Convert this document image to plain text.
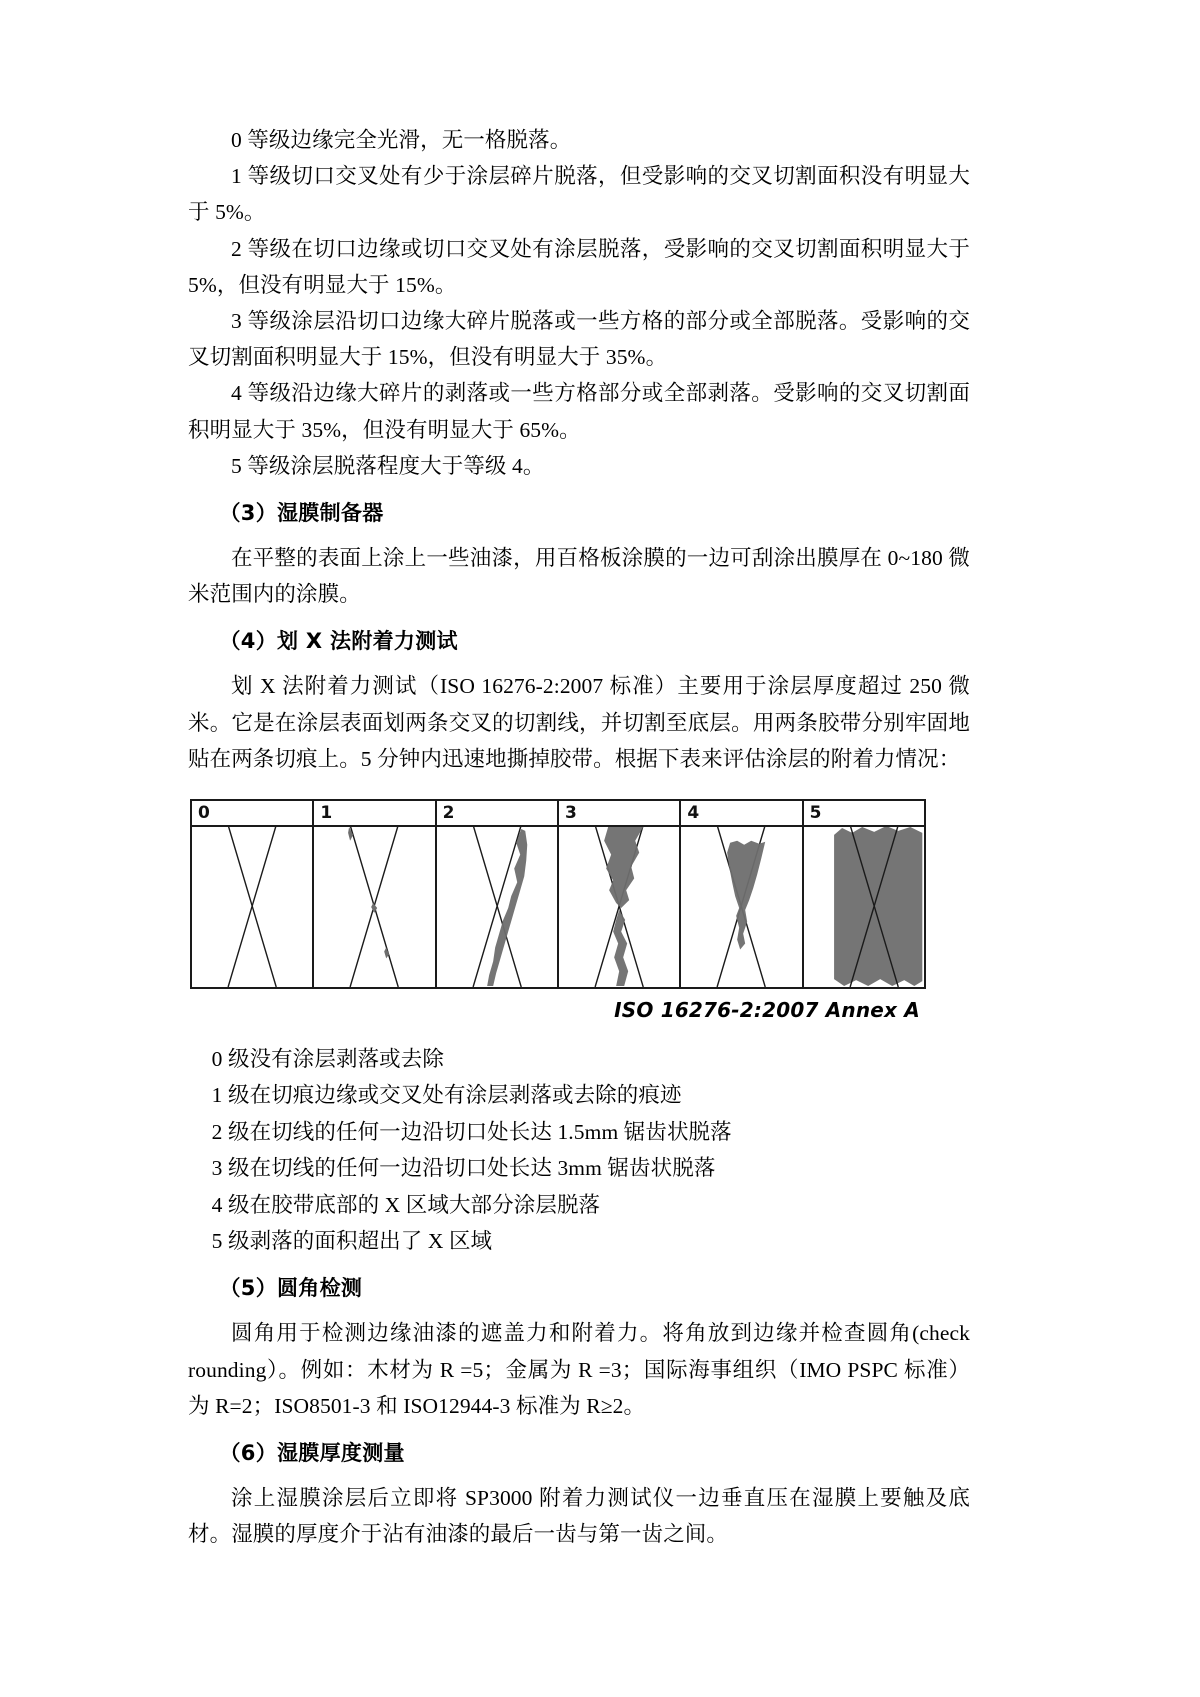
0 等级边缘完全光滑，无一格脱落。

1 等级切口交叉处有少于涂层碎片脱落，但受影响的交叉切割面积没有明显大于 5%。

2 等级在切口边缘或切口交叉处有涂层脱落，受影响的交叉切割面积明显大于 5%，但没有明显大于 15%。

3 等级涂层沿切口边缘大碎片脱落或一些方格的部分或全部脱落。受影响的交叉切割面积明显大于 15%，但没有明显大于 35%。

4 等级沿边缘大碎片的剥落或一些方格部分或全部剥落。受影响的交叉切割面积明显大于 35%，但没有明显大于 65%。

5 等级涂层脱落程度大于等级 4。

（3）湿膜制备器

在平整的表面上涂上一些油漆，用百格板涂膜的一边可刮涂出膜厚在 0~180 微米范围内的涂膜。

（4）划 X 法附着力测试

划 X 法附着力测试（ISO 16276-2:2007 标准）主要用于涂层厚度超过 250 微米。它是在涂层表面划两条交叉的切割线，并切割至底层。用两条胶带分别牢固地贴在两条切痕上。5 分钟内迅速地撕掉胶带。根据下表来评估涂层的附着力情况：

0	1	2	3	4	5
ISO 16276-2:2007 Annex A

0 级没有涂层剥落或去除

1 级在切痕边缘或交叉处有涂层剥落或去除的痕迹

2 级在切线的任何一边沿切口处长达 1.5mm 锯齿状脱落

3 级在切线的任何一边沿切口处长达 3mm 锯齿状脱落

4 级在胶带底部的 X 区域大部分涂层脱落

5 级剥落的面积超出了 X 区域

（5）圆角检测

圆角用于检测边缘油漆的遮盖力和附着力。将角放到边缘并检查圆角(check rounding）。例如：木材为 R =5；金属为 R =3；国际海事组织（IMO PSPC 标准）为 R=2；ISO8501-3 和 ISO12944-3 标准为 R≥2。

（6）湿膜厚度测量

涂上湿膜涂层后立即将 SP3000 附着力测试仪一边垂直压在湿膜上要触及底材。湿膜的厚度介于沾有油漆的最后一齿与第一齿之间。
